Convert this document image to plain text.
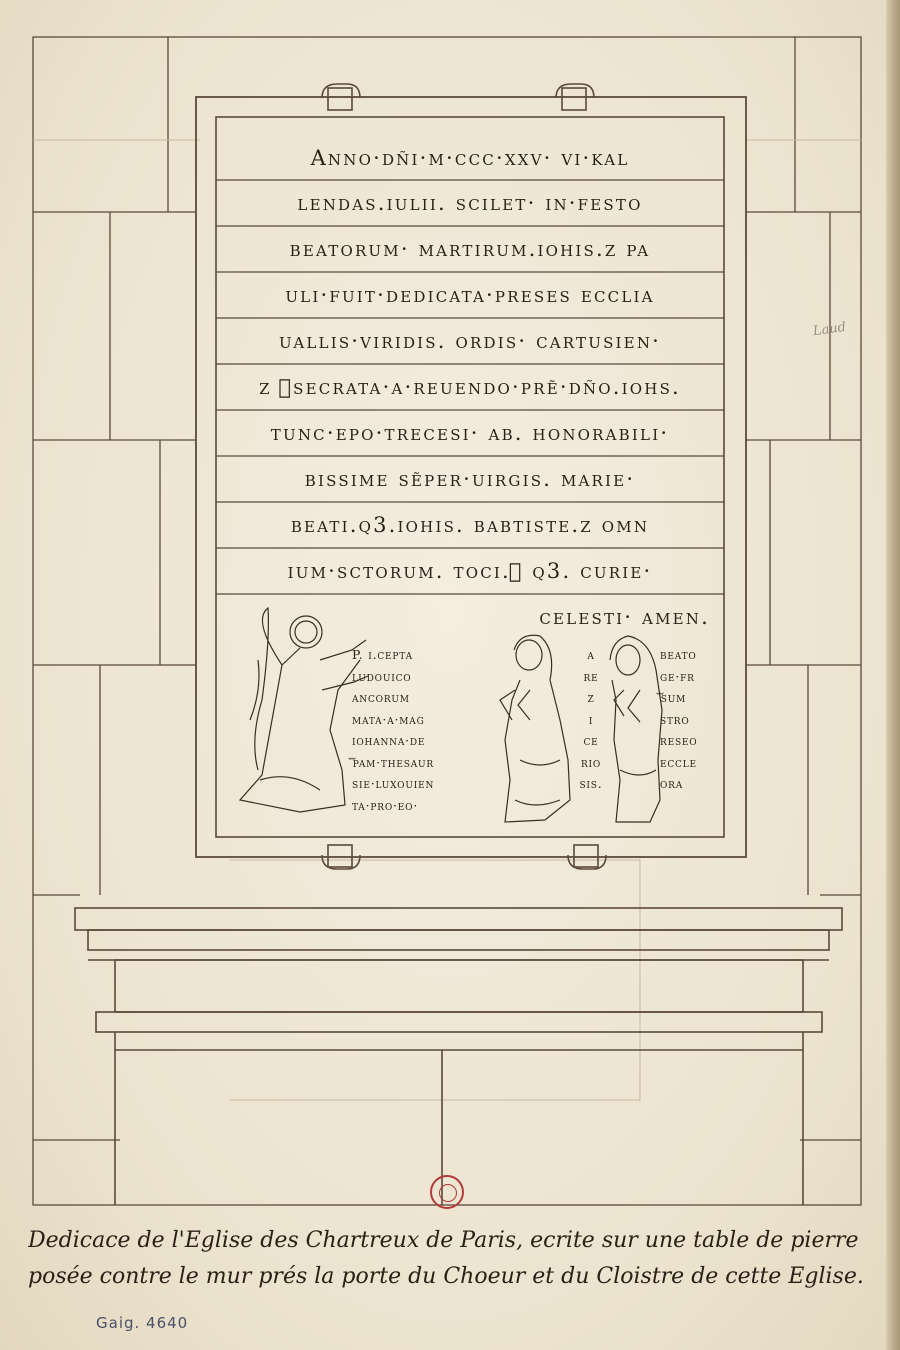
Laud
Anno·dñi·m·ccc·xxv· vi·kal
lendas.iulii. scilet· in·festo
beatorum· martirum.iohis.z pa
uli·fuit·dedicata·preses ecclia
uallis·viridis. ordis· cartusien·
z ᷓsecrata·a·reuendo·prẽ·dño.iohs.
tunc·epo·trecesi· ab. honorabili·
bissime sẽper·uirgis. marie·
beati.q3.iohis. babtiste.z omn
ium·sctorum. toci.ᷓ q3. curie·
celesti· amen.
P. i.cepta
ludouico
ancorum
mata·a·mag
iohanna·de
ᷓpam·thesaur
sie·luxouien
ta·pro·eo·
a
re
z
i
ce
rio
sis.
beato
ge·fr
ᷓsum
stro
reseo
eccle
ora
Dedicace de l'Eglise des Chartreux de Paris, ecrite sur une table de pierre
posée contre le mur prés la porte du Choeur et du Cloistre de cette Eglise.
Gaig. 4640
